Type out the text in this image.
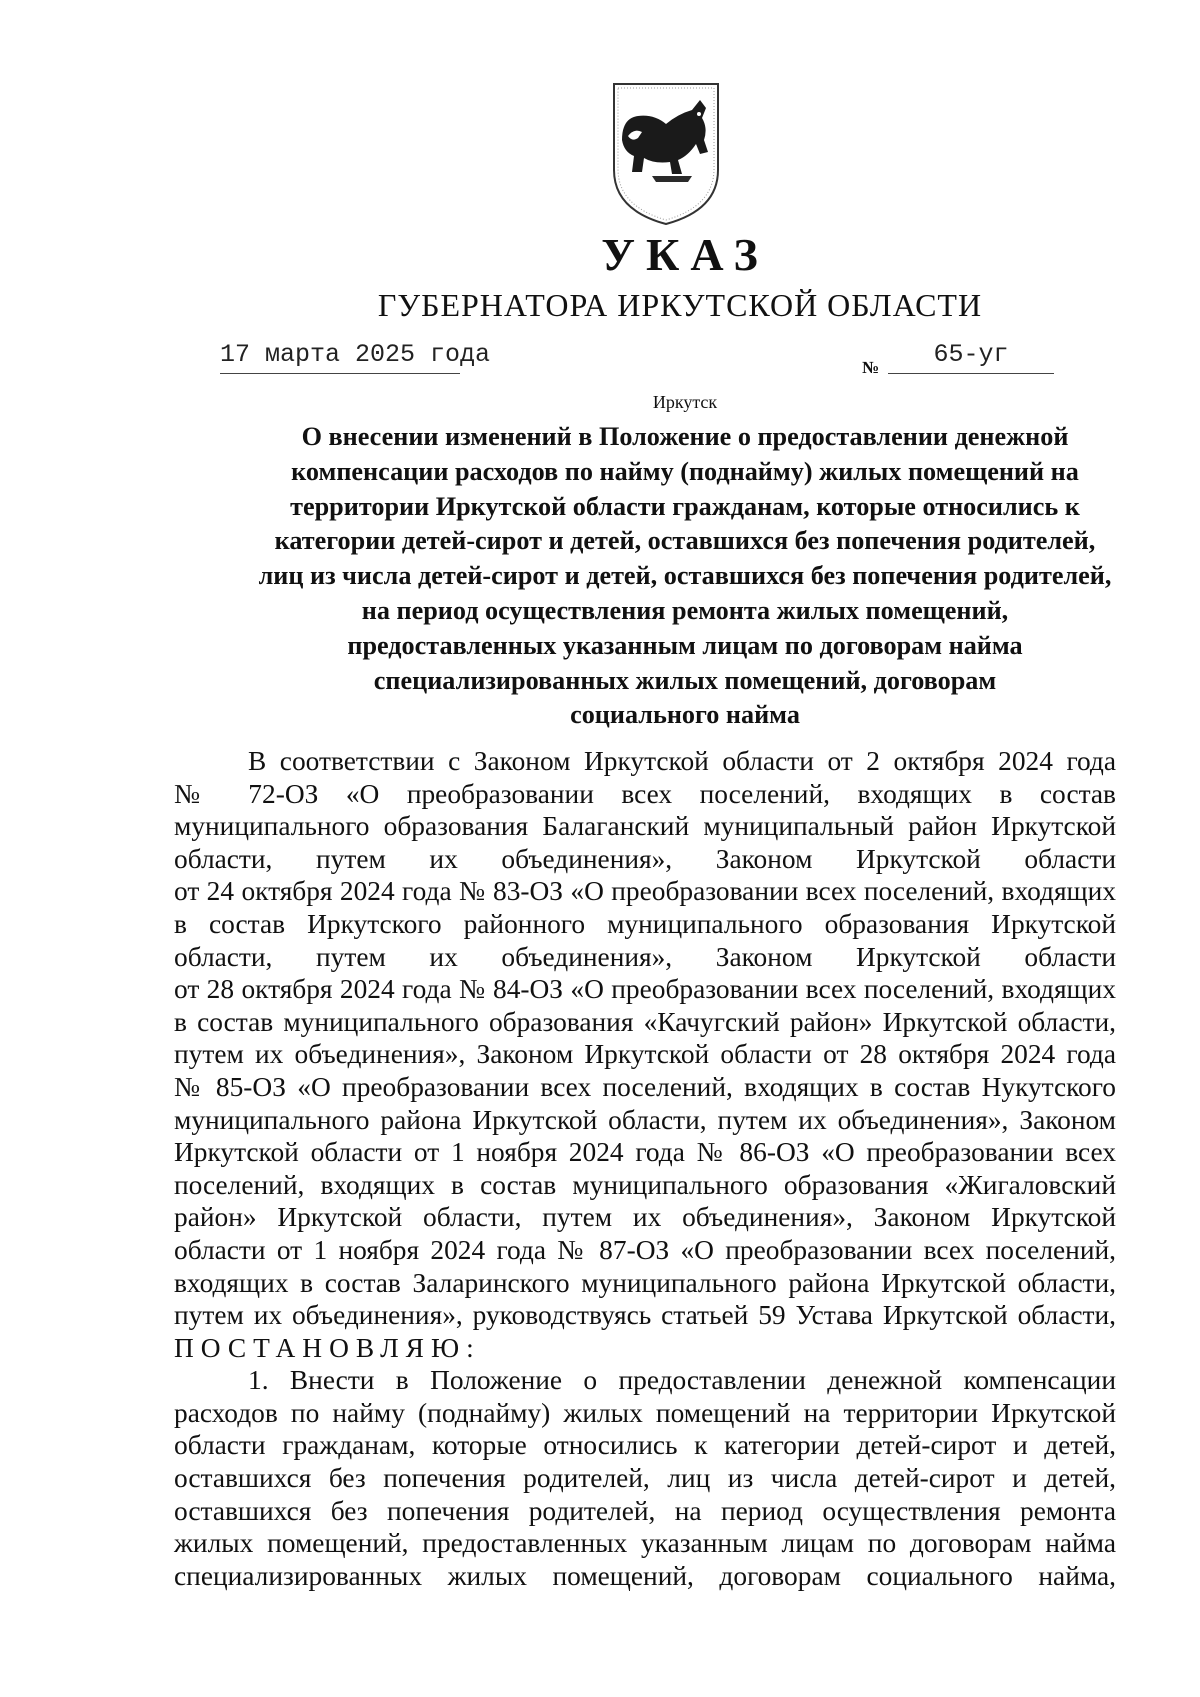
УКАЗ
ГУБЕРНАТОРА ИРКУТСКОЙ ОБЛАСТИ
17 марта 2025 года	№	65-уг
Иркутск
О внесении изменений в Положение о предоставлении денежной
компенсации расходов по найму (поднайму) жилых помещений на
территории Иркутской области гражданам, которые относились к
категории детей-сирот и детей, оставшихся без попечения родителей,
лиц из числа детей-сирот и детей, оставшихся без попечения родителей,
на период осуществления ремонта жилых помещений,
предоставленных указанным лицам по договорам найма
специализированных жилых помещений, договорам
социального найма
В соответствии с Законом Иркутской области от 2 октября 2024 года
№ 72-ОЗ «О преобразовании всех поселений, входящих в состав
муниципального образования Балаганский муниципальный район Иркутской
области, путем их объединения», Законом Иркутской области
от 24 октября 2024 года № 83-ОЗ «О преобразовании всех поселений, входящих
в состав Иркутского районного муниципального образования Иркутской
области, путем их объединения», Законом Иркутской области
от 28 октября 2024 года № 84-ОЗ «О преобразовании всех поселений, входящих
в состав муниципального образования «Качугский район» Иркутской области,
путем их объединения», Законом Иркутской области от 28 октября 2024 года
№ 85-ОЗ «О преобразовании всех поселений, входящих в состав Нукутского
муниципального района Иркутской области, путем их объединения», Законом
Иркутской области от 1 ноября 2024 года № 86-ОЗ «О преобразовании всех
поселений, входящих в состав муниципального образования «Жигаловский
район» Иркутской области, путем их объединения», Законом Иркутской
области от 1 ноября 2024 года № 87-ОЗ «О преобразовании всех поселений,
входящих в состав Заларинского муниципального района Иркутской области,
путем их объединения», руководствуясь статьей 59 Устава Иркутской области,
ПОСТАНОВЛЯЮ:
1. Внести в Положение о предоставлении денежной компенсации
расходов по найму (поднайму) жилых помещений на территории Иркутской
области гражданам, которые относились к категории детей-сирот и детей,
оставшихся без попечения родителей, лиц из числа детей-сирот и детей,
оставшихся без попечения родителей, на период осуществления ремонта
жилых помещений, предоставленных указанным лицам по договорам найма
специализированных жилых помещений, договорам социального найма,
